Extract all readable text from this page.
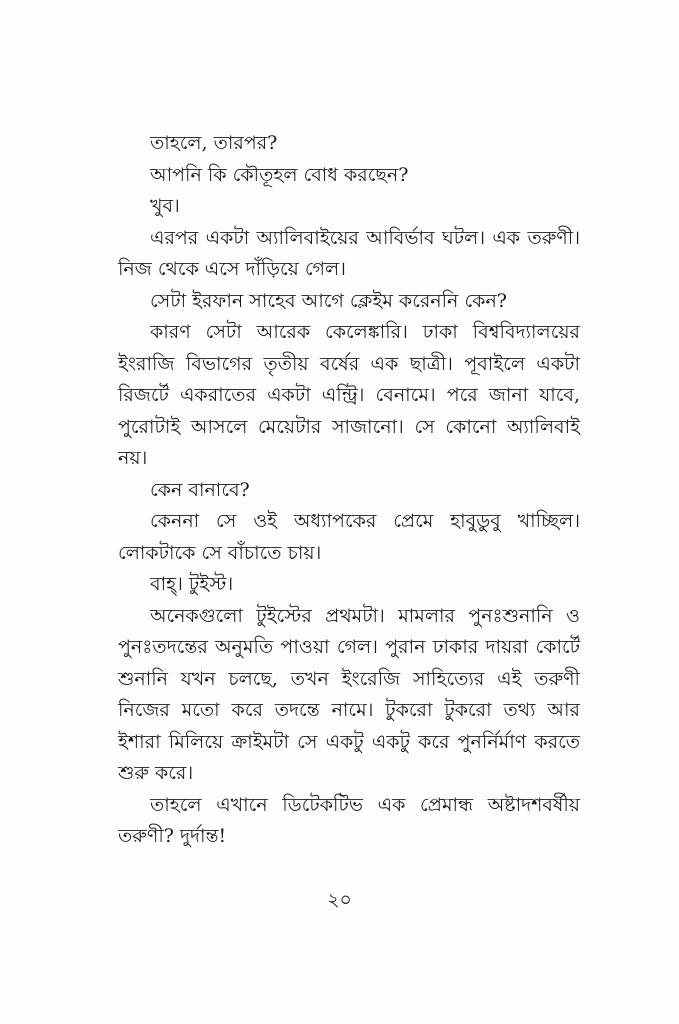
তাহলে, তারপর?

আপনি কি কৌতূহল বোধ করছেন?

খুব।

এরপর একটা অ্যালিবাইয়ের আবির্ভাব ঘটল। এক তরুণী। নিজ থেকে এসে দাঁড়িয়ে গেল।

সেটা ইরফান সাহেব আগে ক্লেইম করেননি কেন?

কারণ সেটা আরেক কেলেঙ্কারি। ঢাকা বিশ্ববিদ্যালয়ের ইংরাজি বিভাগের তৃতীয় বর্ষের এক ছাত্রী। পূবাইলে একটা রিজর্টে একরাতের একটা এন্ট্রি। বেনামে। পরে জানা যাবে, পুরোটাই আসলে মেয়েটার সাজানো। সে কোনো অ্যালিবাই নয়।

কেন বানাবে?

কেননা সে ওই অধ্যাপকের প্রেমে হাবুডুবু খাচ্ছিল। লোকটাকে সে বাঁচাতে চায়।

বাহ্। টুইস্ট।

অনেকগুলো টুইস্টের প্রথমটা। মামলার পুনঃশুনানি ও পুনঃতদন্তের অনুমতি পাওয়া গেল। পুরান ঢাকার দায়রা কোর্টে শুনানি যখন চলছে, তখন ইংরেজি সাহিত্যের এই তরুণী নিজের মতো করে তদন্তে নামে। টুকরো টুকরো তথ্য আর ইশারা মিলিয়ে ক্রাইমটা সে একটু একটু করে পুনর্নির্মাণ করতে শুরু করে।

তাহলে এখানে ডিটেকটিভ এক প্রেমান্ধ অষ্টাদশবর্ষীয় তরুণী? দুর্দান্ত!

২০
